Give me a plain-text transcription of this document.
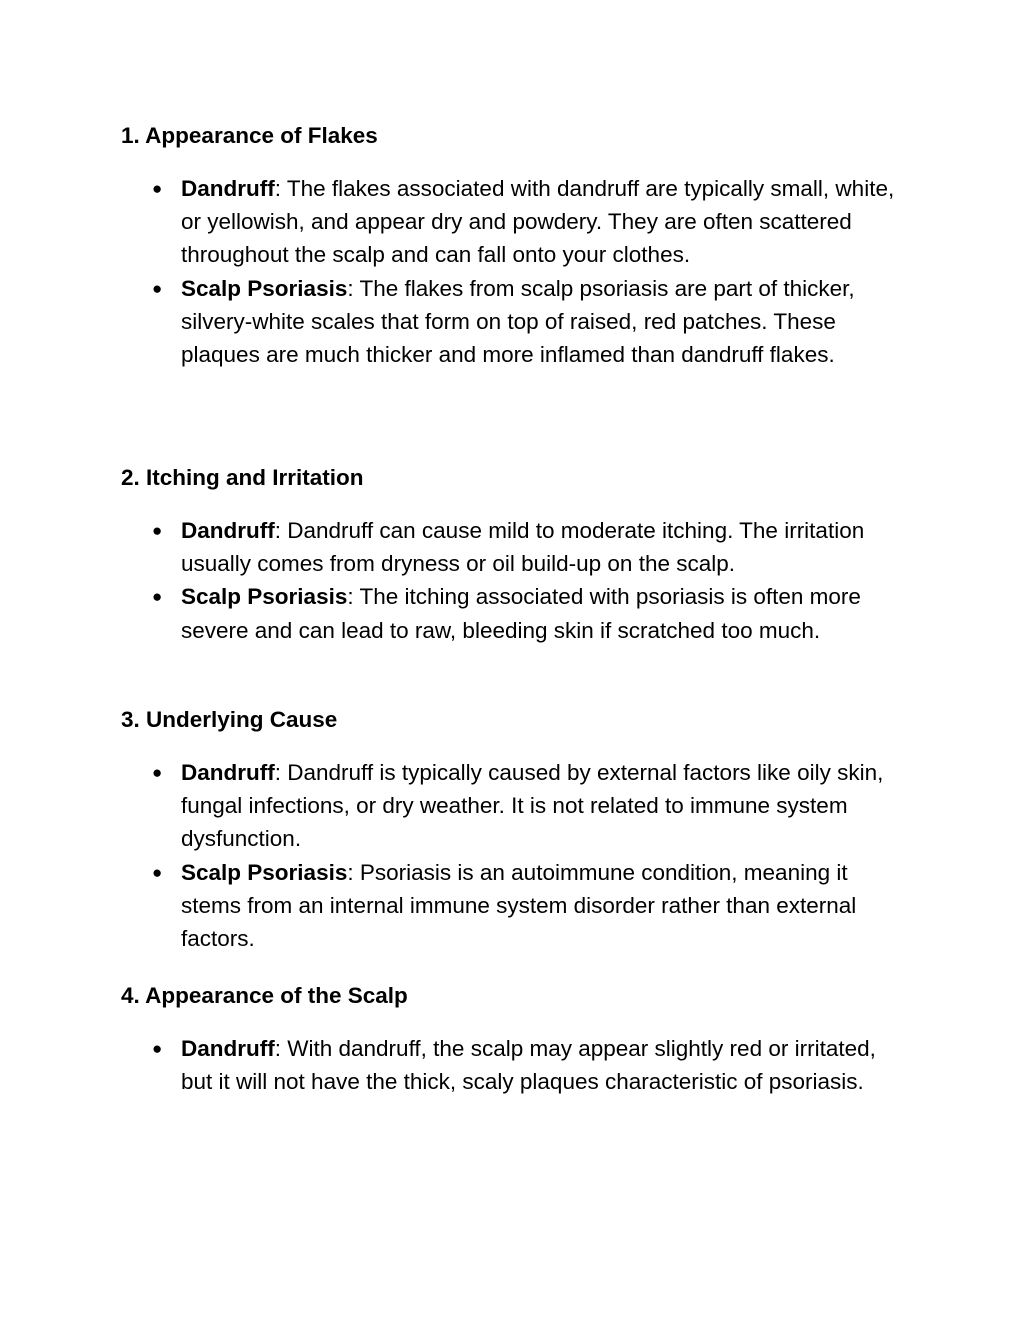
1. Appearance of Flakes
● Dandruff: The flakes associated with dandruff are typically small, white, or yellowish, and appear dry and powdery. They are often scattered throughout the scalp and can fall onto your clothes.
● Scalp Psoriasis: The flakes from scalp psoriasis are part of thicker, silvery-white scales that form on top of raised, red patches. These plaques are much thicker and more inflamed than dandruff flakes.
2. Itching and Irritation
● Dandruff: Dandruff can cause mild to moderate itching. The irritation usually comes from dryness or oil build-up on the scalp.
● Scalp Psoriasis: The itching associated with psoriasis is often more severe and can lead to raw, bleeding skin if scratched too much.
3. Underlying Cause
● Dandruff: Dandruff is typically caused by external factors like oily skin, fungal infections, or dry weather. It is not related to immune system dysfunction.
● Scalp Psoriasis: Psoriasis is an autoimmune condition, meaning it stems from an internal immune system disorder rather than external factors.
4. Appearance of the Scalp
● Dandruff: With dandruff, the scalp may appear slightly red or irritated, but it will not have the thick, scaly plaques characteristic of psoriasis.
